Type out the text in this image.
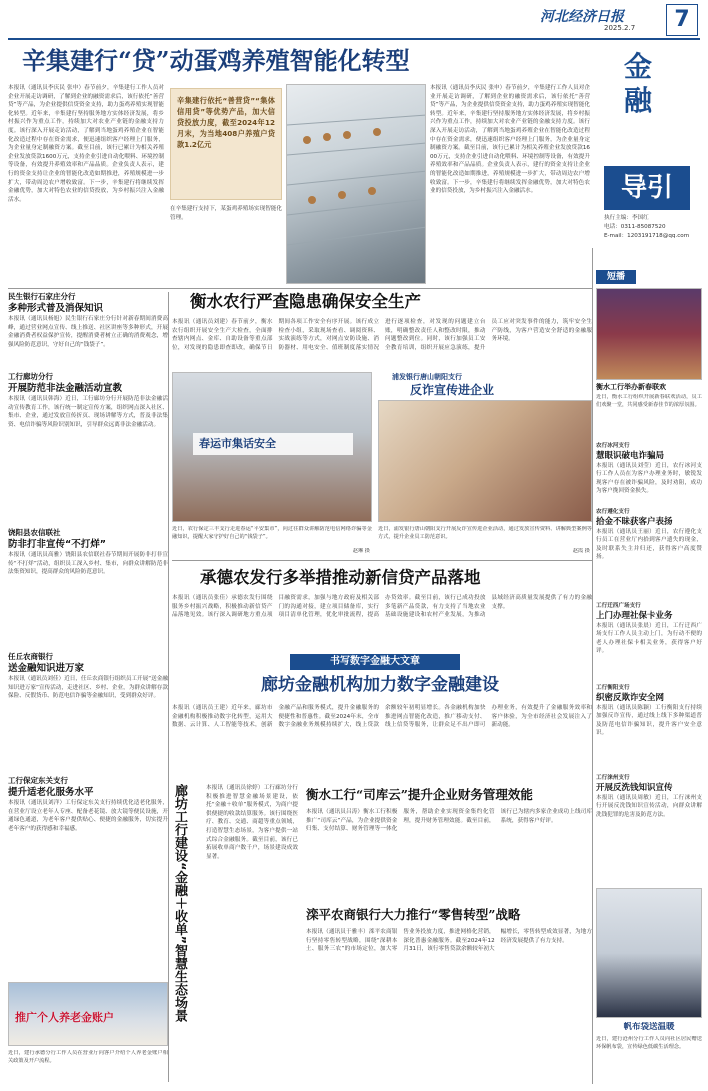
河北经济日报
2025.2.7	7
辛集建行“贷”动蛋鸡养殖智能化转型
本报讯（通讯员李庆民 张申）春节前夕，辛集建行工作人员对企业开展走访调研，了解到企业的融资需求后，该行依托“善营贷”等产品，为企业提供信贷资金支持，助力蛋鸡养殖实现智能化转型。近年来，辛集建行坚持服务地方实体经济发展，将乡村振兴作为重点工作，持续加大对农业产业链的金融支持力度。该行深入开展走访活动，了解到当地蛋鸡养殖企业在智能化改造过程中存在资金需求，便迅速组织客户经理上门服务，为企业量身定制融资方案。截至目前，该行已累计为相关养殖企业发放贷款1600万元，支持企业引进自动化喂料、环境控制等设备，有效提升养殖效率和产品品质。企业负责人表示，建行的资金支持让企业的智能化改造如期推进，养殖规模进一步扩大，带动周边农户增收致富。下一步，辛集建行将继续发挥金融优势，加大对特色农业的信贷投放，为乡村振兴注入金融活水。
辛集建行依托“善营贷”“集体信用贷”等优势产品，加大信贷投放力度，截至2024年12月末，为当地408户养殖户贷款1.2亿元
在辛集建行支持下，某蛋鸡养殖场实现智能化管理。
本报讯（通讯员李庆民 张申）春节前夕，辛集建行工作人员对企业开展走访调研，了解到企业的融资需求后，该行依托“善营贷”等产品，为企业提供信贷资金支持，助力蛋鸡养殖实现智能化转型。近年来，辛集建行坚持服务地方实体经济发展，将乡村振兴作为重点工作，持续加大对农业产业链的金融支持力度。该行深入开展走访活动，了解到当地蛋鸡养殖企业在智能化改造过程中存在资金需求，便迅速组织客户经理上门服务，为企业量身定制融资方案。截至目前，该行已累计为相关养殖企业发放贷款1600万元，支持企业引进自动化喂料、环境控制等设备，有效提升养殖效率和产品品质。企业负责人表示，建行的资金支持让企业的智能化改造如期推进，养殖规模进一步扩大，带动周边农户增收致富。下一步，辛集建行将继续发挥金融优势，加大对特色农业的信贷投放，为乡村振兴注入金融活水。
金融
导引
执行主编：李国红
电话：0311-85087520
E-mail：1203191718@qq.com
民生银行石家庄分行
多种形式普及消保知识
本报讯（通讯员杨旭）民生银行石家庄分行针对新春期间消费高峰，通过营业网点宣传、线上推送、社区讲座等多种形式，开展金融消费者权益保护宣传，提醒消费者树立正确的消费观念，增强风险防范意识，守好自己的“钱袋子”。
工行廊坊分行
开展防范非法金融活动宣教
本报讯（通讯员韩海）近日，工行廊坊分行开展防范非法金融活动宣传教育工作，该行统一制定宣传方案，组织网点深入社区、集市、企业，通过发放宣传折页、现场讲解等方式，普及非法集资、电信诈骗等风险识别知识，引导群众远离非法金融活动。
饶阳县农信联社
防非打非宣传“不打烊”
本报讯（通讯员高雅）饶阳县农信联社春节期间开展防非打非宣传“不打烊”活动，组织员工深入乡村、集市，向群众讲解防范非法集资知识，提高群众的风险防范意识。
任丘农商银行
送金融知识进万家
本报讯（通讯员刘佳）近日，任丘农商银行组织员工开展“送金融知识进万家”宣传活动，走进社区、乡村、企业，为群众讲解存款保险、反假货币、防范电信诈骗等金融知识，受到群众好评。
工行保定东关支行
提升适老化服务水平
本报讯（通讯员刘洋）工行保定东关支行持续优化适老化服务，在营业厅设立老年人专座、配备老花镜、放大镜等便民设施，开通绿色通道，为老年客户提供贴心、便捷的金融服务，切实提升老年客户的获得感和幸福感。
推广个人养老金账户
近日，建行承德分行工作人员在营业厅向客户介绍个人养老金账户相关政策及开户流程。
衡水农行严查隐患确保安全生产
本报讯（通讯员刘建）春节前夕，衡水农行组织开展安全生产大检查，全面排查辖内网点、金库、自助设备等重点部位，对发现的隐患即查即改，确保节日期间各项工作安全有序开展。该行成立检查小组，采取现场查看、调阅资料、实战演练等方式，对网点安防设施、消防器材、用电安全、值班制度落实情况进行逐项检查，对发现的问题建立台账，明确整改责任人和整改时限，推动问题整改到位。同时，该行加强员工安全教育培训，组织开展应急演练，提升员工应对突发事件的能力，筑牢安全生产防线，为客户营造安全舒适的金融服务环境。
春运市集话安全
近日，农行保定三丰支行走进春运“平安集市”，向过往群众讲解防范电信网络诈骗等金融知识，提醒大家守护好自己的“钱袋子”。
赵琳 摄
浦发银行唐山朝阳支行
反诈宣传进企业
近日，浦发银行唐山朝阳支行开展反诈宣传进企业活动，通过发放宣传资料、讲解典型案例等方式，提升企业员工防范意识。
赵霞 摄
承德农发行多举措推动新信贷产品落地
本报讯（通讯员张佳）承德农发行围绕服务乡村振兴战略，积极推动新信贷产品落地见效。该行深入调研地方重点项目融资需求，加强与地方政府及相关部门的沟通对接，建立项目储备库，实行项目清单化管理，优化审批流程，提高办贷效率。截至目前，该行已成功投放多笔新产品贷款，有力支持了当地农业基础设施建设和农村产业发展，为推动县域经济高质量发展提供了有力的金融支撑。
书写数字金融大文章
廊坊金融机构加力数字金融建设
本报讯（通讯员王建）近年来，廊坊市金融机构积极推动数字化转型，运用大数据、云计算、人工智能等技术，创新金融产品和服务模式，提升金融服务的便捷性和普惠性。截至2024年末，全市数字金融业务规模持续扩大，线上贷款余额较年初明显增长。各金融机构加快推进网点智能化改造，推广移动支付、线上信贷等服务，让群众足不出户即可办理业务，有效提升了金融服务效率和客户体验，为全市经济社会发展注入了新动能。
廊坊工行建设“金融＋收单”智慧生态场景	本报讯（通讯员徐婷）工行廊坊分行积极推进智慧金融场景建设，依托“金融＋收单”服务模式，为商户提供便捷的收款结算服务。该行围绕医疗、教育、交通、商超等重点领域，打造智慧生态场景，为客户提供一站式综合金融服务。截至目前，该行已拓展收单商户数千户，场景建设成效显著。
衡水工行“司库云”提升企业财务管理效能
本报讯（通讯员吕涛）衡水工行积极推广“司库云”产品，为企业提供资金归集、支付结算、财务管理等一体化服务，帮助企业实现资金集约化管理，提升财务管理效能。截至目前，该行已为辖内多家企业成功上线司库系统，获得客户好评。
滦平农商银行大力推行“零售转型”战略
本报讯（通讯员于雅丰）滦平农商银行坚持零售转型战略，围绕“深耕本土、服务三农”的市场定位，加大零售业务投放力度，推进网格化营销，深化普惠金融服务。截至2024年12月31日，该行零售贷款余额较年初大幅增长，零售转型成效显著，为地方经济发展提供了有力支持。
短播
衡水工行举办新春联欢
近日，衡水工行组织开展新春联欢活动，员工们欢聚一堂，共同感受新春佳节的浓厚氛围。
农行冰河支行
慧眼识破电诈骗局
本报讯（通讯员刘莹）近日，农行冰河支行工作人员在为客户办理业务时，敏锐发现客户存在被诈骗风险，及时劝阻，成功为客户挽回资金损失。
农行遵化支行
拾金不昧获客户表扬
本报讯（通讯员王丽）近日，农行遵化支行员工在营业厅内拾到客户遗失的现金，及时联系失主并归还，获得客户高度赞扬。
工行迁西广场支行
上门办理社保卡业务
本报讯（通讯员张晨）近日，工行迁西广场支行工作人员主动上门，为行动不便的老人办理社保卡相关业务，获得客户好评。
工行衡阳支行
织密反欺诈安全网
本报讯（通讯员陈颖）工行衡阳支行持续加强反诈宣传，通过线上线下多种渠道普及防范电信诈骗知识，提升客户安全意识。
工行涞州支行
开展反洗钱知识宣传
本报讯（通讯员周敏）近日，工行涞州支行开展反洗钱知识宣传活动，向群众讲解洗钱犯罪的危害及防范方法。
帆布袋送温暖
近日，建行沧州分行工作人员向社区居民赠送环保帆布袋，宣传绿色低碳生活理念。
